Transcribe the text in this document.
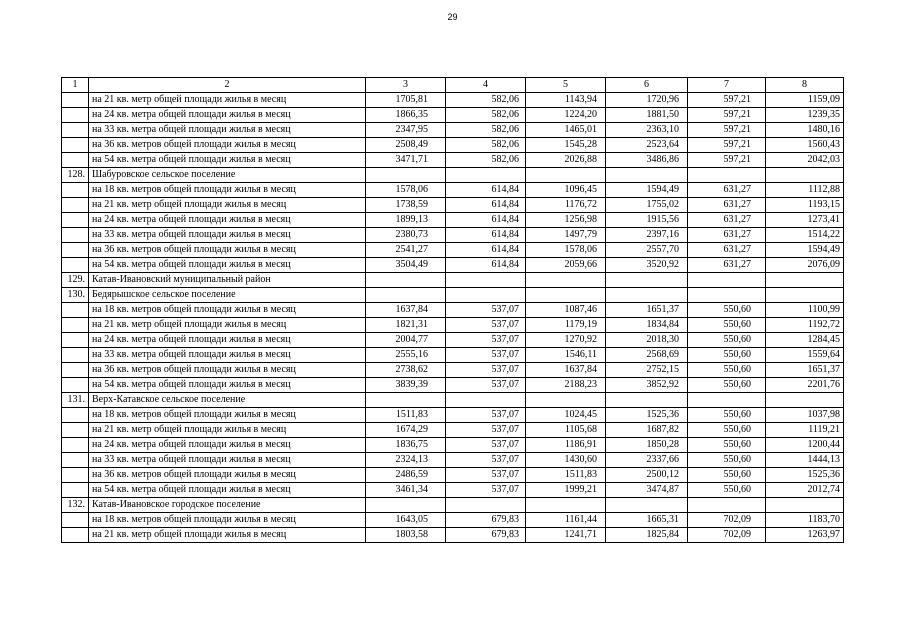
29
1	2	3	4	5	6	7	8
	на 21 кв. метр общей площади жилья в месяц	1705,81	582,06	1143,94	1720,96	597,21	1159,09
	на 24 кв. метра общей площади жилья в месяц	1866,35	582,06	1224,20	1881,50	597,21	1239,35
	на 33 кв. метра общей площади жилья в месяц	2347,95	582,06	1465,01	2363,10	597,21	1480,16
	на 36 кв. метров общей площади жилья в месяц	2508,49	582,06	1545,28	2523,64	597,21	1560,43
	на 54 кв. метра общей площади жилья в месяц	3471,71	582,06	2026,88	3486,86	597,21	2042,03
128.	Шабуровское сельское поселение						
	на 18 кв. метров общей площади жилья в месяц	1578,06	614,84	1096,45	1594,49	631,27	1112,88
	на 21 кв. метр общей площади жилья в месяц	1738,59	614,84	1176,72	1755,02	631,27	1193,15
	на 24 кв. метра общей площади жилья в месяц	1899,13	614,84	1256,98	1915,56	631,27	1273,41
	на 33 кв. метра общей площади жилья в месяц	2380,73	614,84	1497,79	2397,16	631,27	1514,22
	на 36 кв. метров общей площади жилья в месяц	2541,27	614,84	1578,06	2557,70	631,27	1594,49
	на 54 кв. метра общей площади жилья в месяц	3504,49	614,84	2059,66	3520,92	631,27	2076,09
129.	Катав-Ивановский муниципальный район						
130.	Бедярышское сельское поселение						
	на 18 кв. метров общей площади жилья в месяц	1637,84	537,07	1087,46	1651,37	550,60	1100,99
	на 21 кв. метр общей площади жилья в месяц	1821,31	537,07	1179,19	1834,84	550,60	1192,72
	на 24 кв. метра общей площади жилья в месяц	2004,77	537,07	1270,92	2018,30	550,60	1284,45
	на 33 кв. метра общей площади жилья в месяц	2555,16	537,07	1546,11	2568,69	550,60	1559,64
	на 36 кв. метров общей площади жилья в месяц	2738,62	537,07	1637,84	2752,15	550,60	1651,37
	на 54 кв. метра общей площади жилья в месяц	3839,39	537,07	2188,23	3852,92	550,60	2201,76
131.	Верх-Катавское сельское поселение						
	на 18 кв. метров общей площади жилья в месяц	1511,83	537,07	1024,45	1525,36	550,60	1037,98
	на 21 кв. метр общей площади жилья в месяц	1674,29	537,07	1105,68	1687,82	550,60	1119,21
	на 24 кв. метра общей площади жилья в месяц	1836,75	537,07	1186,91	1850,28	550,60	1200,44
	на 33 кв. метра общей площади жилья в месяц	2324,13	537,07	1430,60	2337,66	550,60	1444,13
	на 36 кв. метров общей площади жилья в месяц	2486,59	537,07	1511,83	2500,12	550,60	1525,36
	на 54 кв. метра общей площади жилья в месяц	3461,34	537,07	1999,21	3474,87	550,60	2012,74
132.	Катав-Ивановское городское поселение						
	на 18 кв. метров общей площади жилья в месяц	1643,05	679,83	1161,44	1665,31	702,09	1183,70
	на 21 кв. метр общей площади жилья в месяц	1803,58	679,83	1241,71	1825,84	702,09	1263,97
